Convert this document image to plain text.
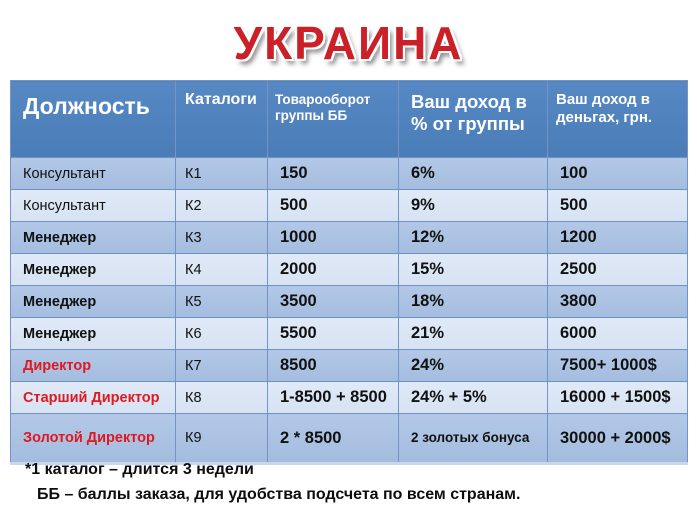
УКРАИНА
Должность	Каталоги	Товарооборот группы ББ	Ваш доход в % от группы	Ваш доход в деньгах, грн.
Консультант	К1	150	6%	100
Консультант	К2	500	9%	500
Менеджер	К3	1000	12%	1200
Менеджер	К4	2000	15%	2500
Менеджер	К5	3500	18%	3800
Менеджер	К6	5500	21%	6000
Директор	К7	8500	24%	7500+ 1000$
Старший Директор	К8	1-8500 + 8500	24% + 5%	16000 + 1500$
Золотой Директор	К9	2 * 8500	2 золотых бонуса	30000 + 2000$
*1 каталог – длится 3 недели
ББ – баллы заказа, для удобства подсчета по всем странам.
